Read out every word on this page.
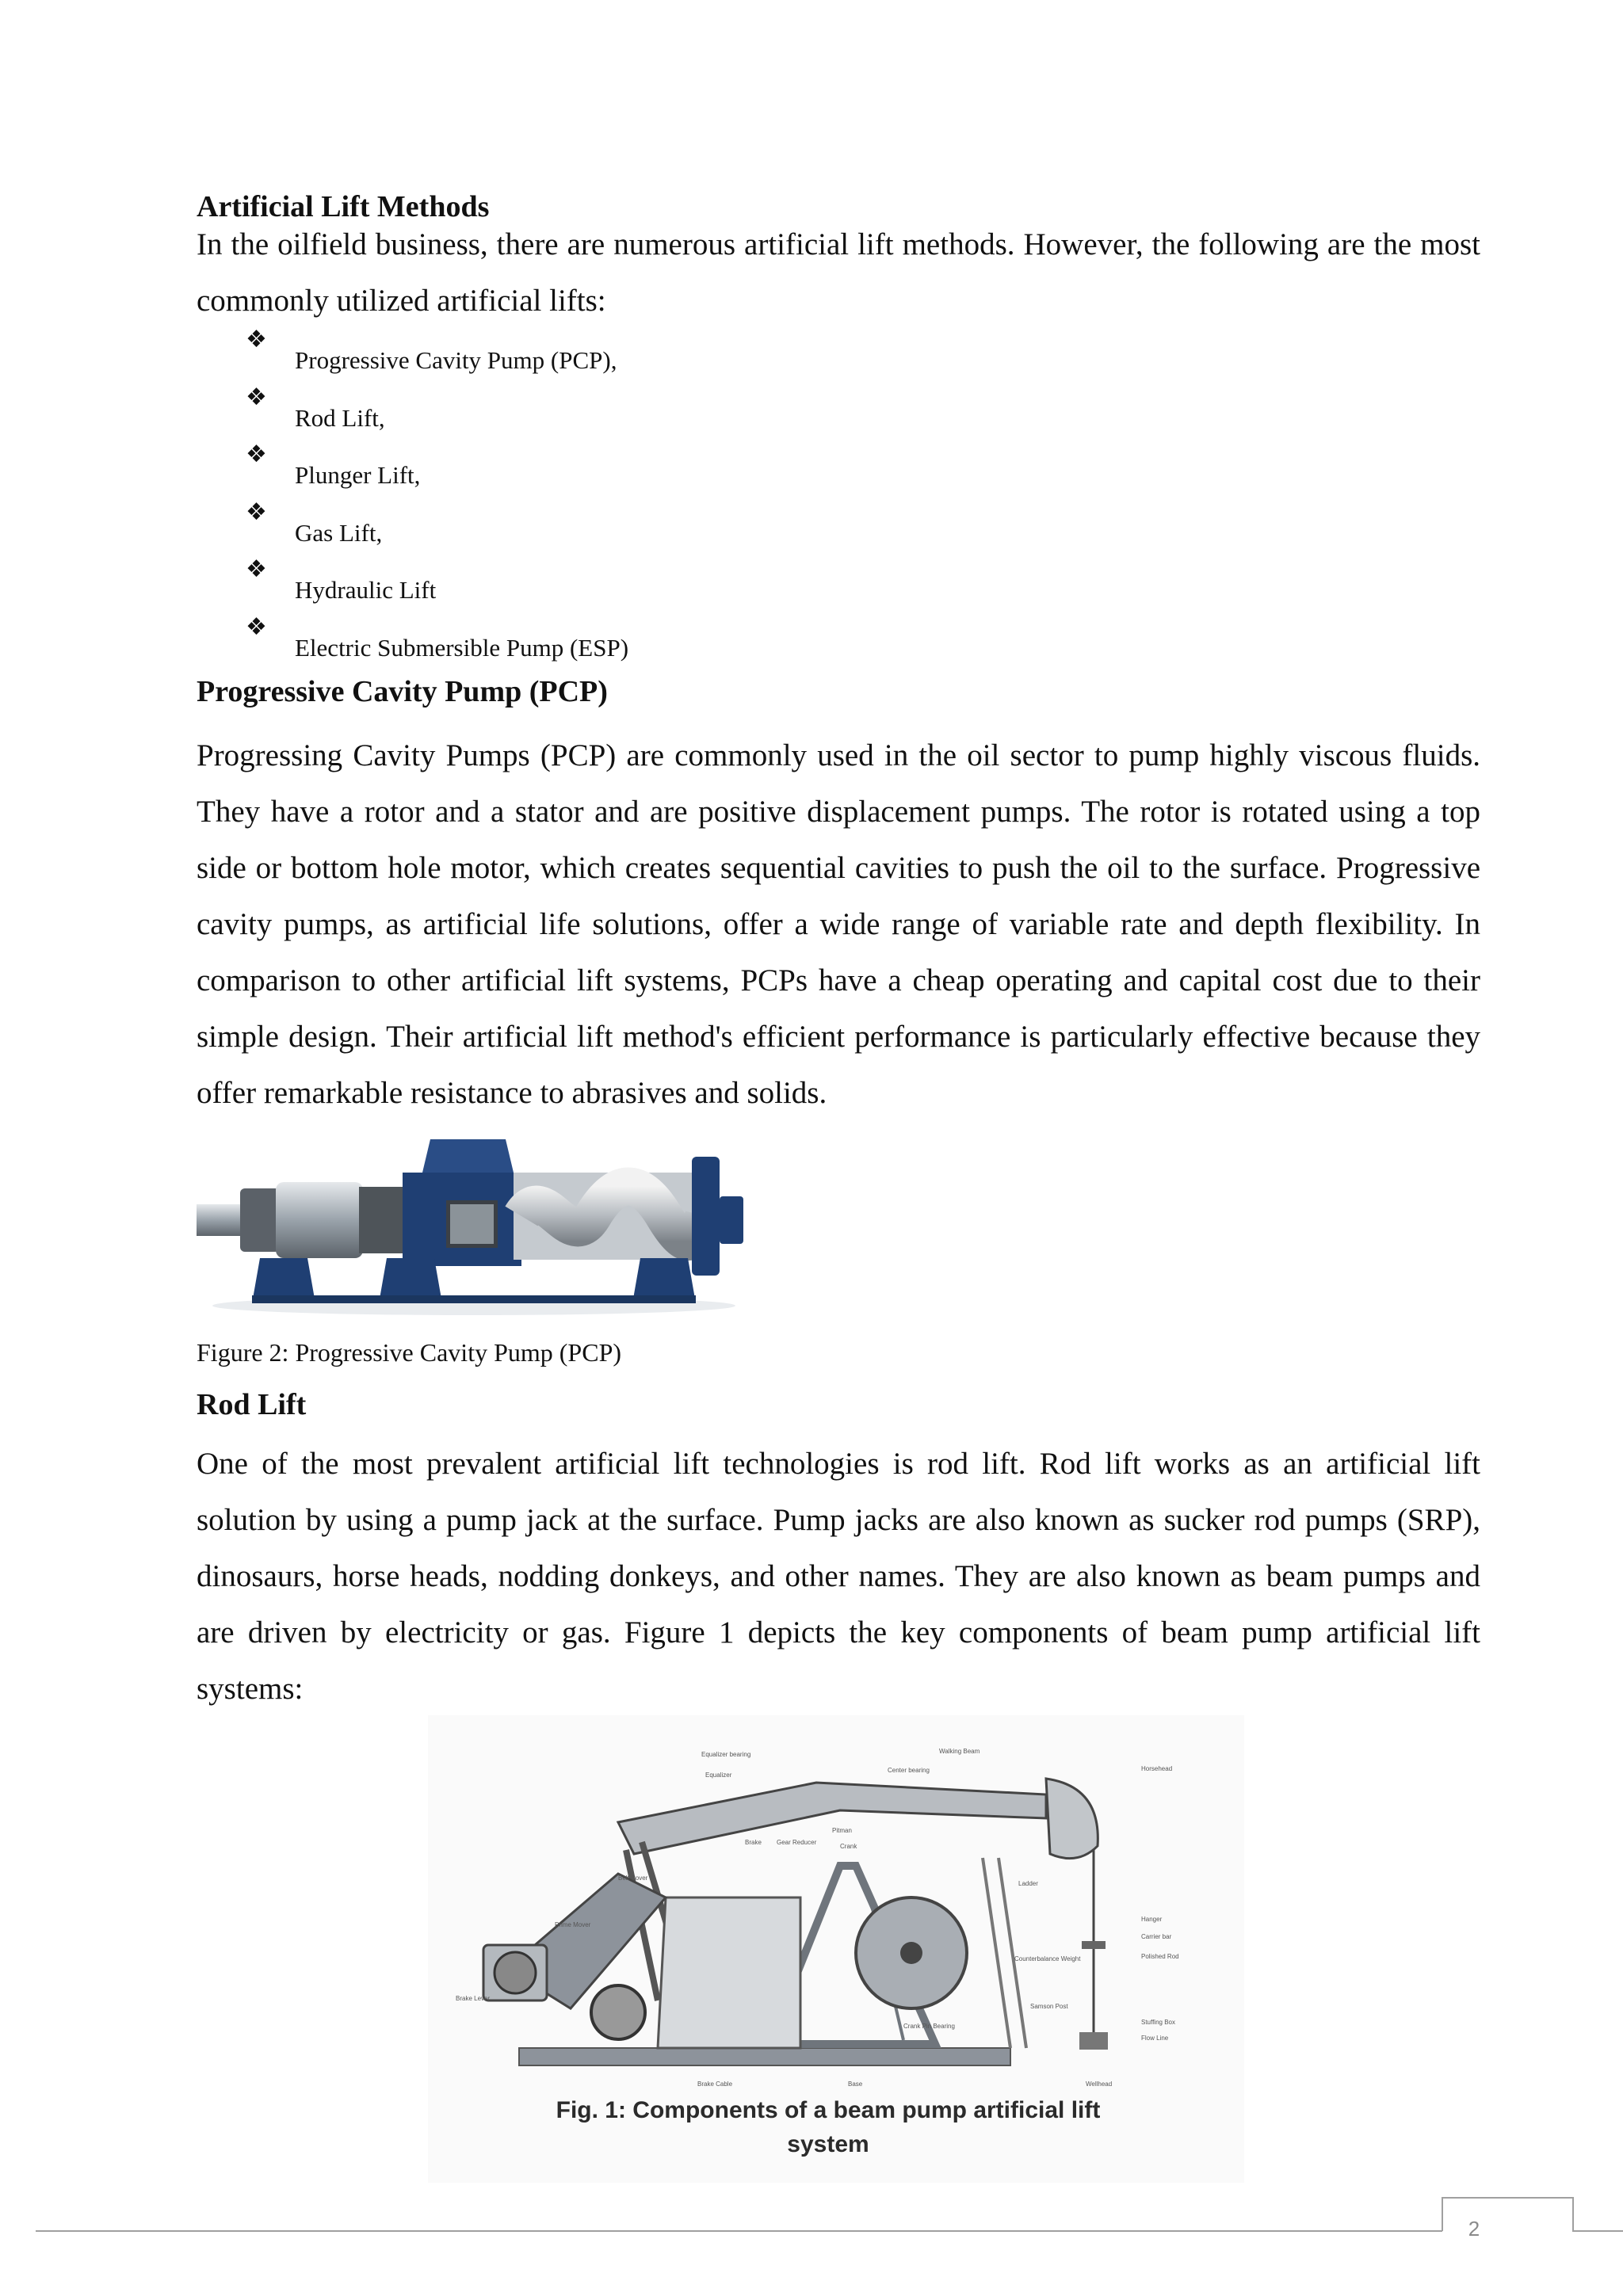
Artificial Lift Methods

In the oilfield business, there are numerous artificial lift methods. However, the following are the most commonly utilized artificial lifts:

❖
Progressive Cavity Pump (PCP),
❖
Rod Lift,
❖
Plunger Lift,
❖
Gas Lift,
❖
Hydraulic Lift
❖
Electric Submersible Pump (ESP)
Progressive Cavity Pump (PCP)

Progressing Cavity Pumps (PCP) are commonly used in the oil sector to pump highly viscous fluids. They have a rotor and a stator and are positive displacement pumps. The rotor is rotated using a top side or bottom hole motor, which creates sequential cavities to push the oil to the surface. Progressive cavity pumps, as artificial life solutions, offer a wide range of variable rate and depth flexibility. In comparison to other artificial lift systems, PCPs have a cheap operating and capital cost due to their simple design. Their artificial lift method's efficient performance is particularly effective because they offer remarkable resistance to abrasives and solids.

Figure 2: Progressive Cavity Pump (PCP)

Rod Lift

One of the most prevalent artificial lift technologies is rod lift. Rod lift works as an artificial lift solution by using a pump jack at the surface. Pump jacks are also known as sucker rod pumps (SRP), dinosaurs, horse heads, nodding donkeys, and other names. They are also known as beam pumps and are driven by electricity or gas. Figure 1 depicts the key components of beam pump artificial lift systems:

Walking Beam
Equalizer bearing
Equalizer
Center bearing	Horsehead
Brake Gear Reducer
Pitman
Crank
Ladder
Hanger
Carrier bar
Polished Rod
Belt Cover
Prime Mover
Counterbalance Weight
Crank Pin Bearing
Samson Post
Stuffing Box
Flow Line
Brake Lever
Brake Cable	Base	Wellhead
Fig. 1: Components of a beam pump artificial lift
system
2
